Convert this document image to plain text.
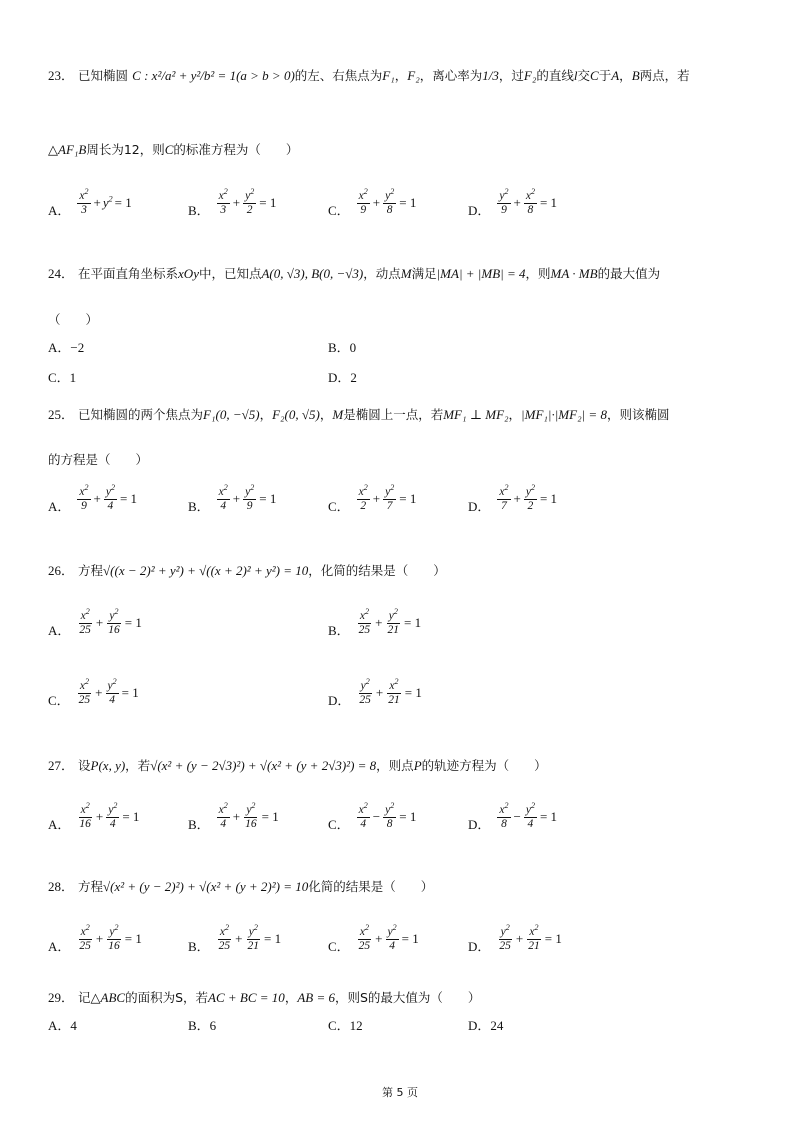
23． 已知椭圆 C : x²/a² + y²/b² = 1(a > b > 0)的左、右焦点为F₁，F₂，离心率为1/3，过F₂的直线l交C于A，B两点，若
△AF₁B周长为12，则C的标准方程为（　　）
A． $\frac{x^2}{3} + y^2 = 1$	B． $\frac{x^2}{3} + \frac{y^2}{2} = 1$	C． $\frac{x^2}{9} + \frac{y^2}{8} = 1$	D． $\frac{y^2}{9} + \frac{x^2}{8} = 1$
24． 在平面直角坐标系xOy中，已知点A(0, √3), B(0, −√3)，动点M满足|MA| + |MB| = 4，则MA · MB的最大值为
（　　）
A．−2	B．0
C．1	D．2
25． 已知椭圆的两个焦点为F₁(0, −√5)，F₂(0, √5)，M是椭圆上一点，若MF₁ ⊥ MF₂，|MF₁|·|MF₂| = 8，则该椭圆
的方程是（　　）
A． $\frac{x^2}{9} + \frac{y^2}{4} = 1$	B． $\frac{x^2}{4} + \frac{y^2}{9} = 1$	C． $\frac{x^2}{2} + \frac{y^2}{7} = 1$	D． $\frac{x^2}{7} + \frac{y^2}{2} = 1$
26． 方程√((x − 2)² + y²) + √((x + 2)² + y²) = 10，化简的结果是（　　）
A． $\frac{x^2}{25} + \frac{y^2}{16} = 1$	B． $\frac{x^2}{25} + \frac{y^2}{21} = 1$
C． $\frac{x^2}{25} + \frac{y^2}{4} = 1$	D． $\frac{y^2}{25} + \frac{x^2}{21} = 1$
27． 设P(x, y)，若√(x² + (y − 2√3)²) + √(x² + (y + 2√3)²) = 8，则点P的轨迹方程为（　　）
A． $\frac{x^2}{16} + \frac{y^2}{4} = 1$	B． $\frac{x^2}{4} + \frac{y^2}{16} = 1$	C． $\frac{x^2}{4} - \frac{y^2}{8} = 1$	D． $\frac{x^2}{8} - \frac{y^2}{4} = 1$
28． 方程√(x² + (y − 2)²) + √(x² + (y + 2)²) = 10化简的结果是（　　）
A． $\frac{x^2}{25} + \frac{y^2}{16} = 1$	B． $\frac{x^2}{25} + \frac{y^2}{21} = 1$	C． $\frac{x^2}{25} + \frac{y^2}{4} = 1$	D． $\frac{y^2}{25} + \frac{x^2}{21} = 1$
29． 记△ABC的面积为S，若AC + BC = 10，AB = 6，则S的最大值为（　　）
A．4	B．6	C．12	D．24
第 5 页
